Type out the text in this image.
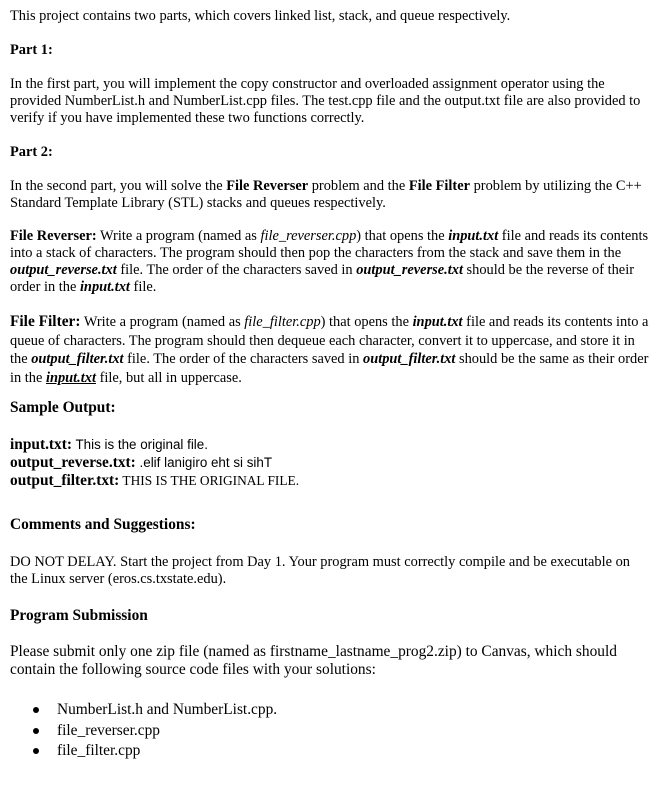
This project contains two parts, which covers linked list, stack, and queue respectively.

Part 1:

In the first part, you will implement the copy constructor and overloaded assignment operator using the provided NumberList.h and NumberList.cpp files. The test.cpp file and the output.txt file are also provided to verify if you have implemented these two functions correctly.

Part 2:

In the second part, you will solve the File Reverser problem and the File Filter problem by utilizing the C++ Standard Template Library (STL) stacks and queues respectively.

File Reverser: Write a program (named as file_reverser.cpp) that opens the input.txt file and reads its contents into a stack of characters. The program should then pop the characters from the stack and save them in the output_reverse.txt file. The order of the characters saved in output_reverse.txt should be the reverse of their order in the input.txt file.

File Filter: Write a program (named as file_filter.cpp) that opens the input.txt file and reads its contents into a queue of characters. The program should then dequeue each character, convert it to uppercase, and store it in the output_filter.txt file. The order of the characters saved in output_filter.txt should be the same as their order in the input.txt file, but all in uppercase.

Sample Output:

input.txt: This is the original file.
output_reverse.txt: .elif lanigiro eht si sihT
output_filter.txt: THIS IS THE ORIGINAL FILE.

Comments and Suggestions:

DO NOT DELAY. Start the project from Day 1. Your program must correctly compile and be executable on the Linux server (eros.cs.txstate.edu).

Program Submission

Please submit only one zip file (named as firstname_lastname_prog2.zip) to Canvas, which should contain the following source code files with your solutions:

NumberList.h and NumberList.cpp.
file_reverser.cpp
file_filter.cpp
